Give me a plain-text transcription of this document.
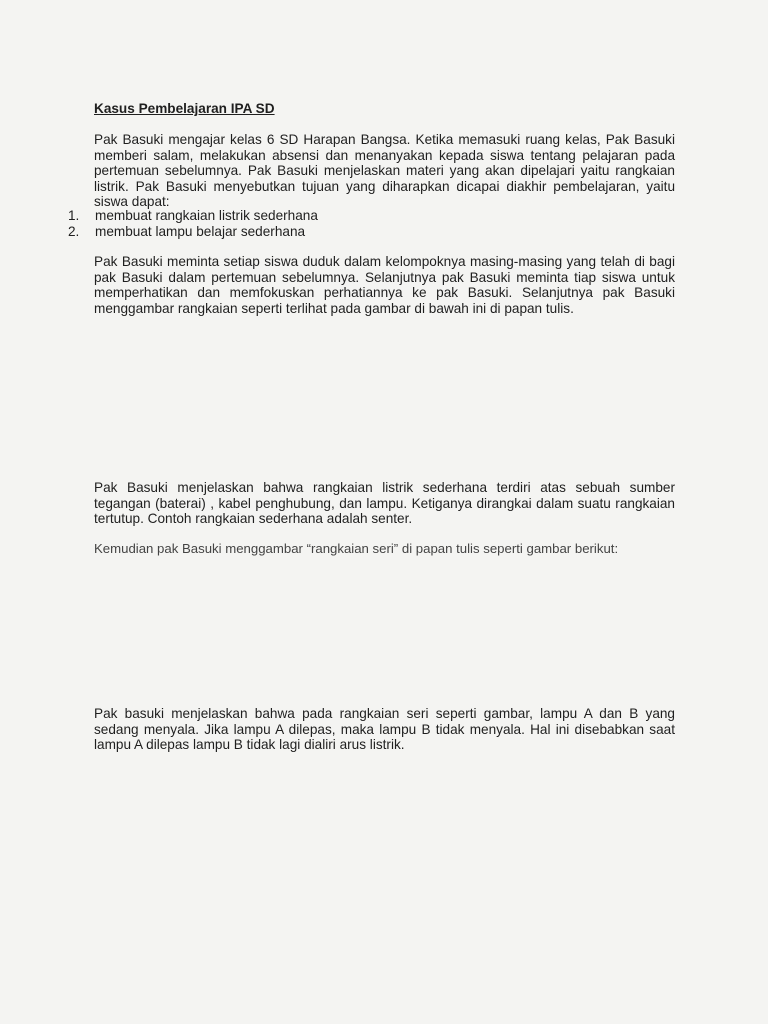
Kasus Pembelajaran IPA SD

Pak Basuki mengajar kelas 6 SD Harapan Bangsa. Ketika memasuki ruang kelas, Pak Basuki memberi salam, melakukan absensi dan menanyakan kepada siswa tentang pelajaran pada pertemuan sebelumnya. Pak Basuki menjelaskan materi yang akan dipelajari yaitu rangkaian listrik. Pak Basuki menyebutkan tujuan yang diharapkan dicapai diakhir pembelajaran, yaitu siswa dapat:

1.	membuat rangkaian listrik sederhana
2.	membuat lampu belajar sederhana

Pak Basuki meminta setiap siswa duduk dalam kelompoknya masing-masing yang telah di bagi pak Basuki dalam pertemuan sebelumnya. Selanjutnya pak Basuki meminta tiap siswa untuk memperhatikan dan memfokuskan perhatiannya ke pak Basuki. Selanjutnya pak Basuki menggambar rangkaian seperti terlihat pada gambar di bawah ini di papan tulis.

Pak Basuki menjelaskan bahwa rangkaian listrik sederhana terdiri atas sebuah sumber tegangan (baterai) , kabel penghubung, dan lampu. Ketiganya dirangkai dalam suatu rangkaian tertutup. Contoh rangkaian sederhana adalah senter.

Kemudian pak Basuki menggambar “rangkaian seri” di papan tulis seperti gambar berikut:

Pak basuki menjelaskan bahwa pada rangkaian seri seperti gambar, lampu A dan B yang sedang menyala. Jika lampu A dilepas, maka lampu B tidak menyala. Hal ini disebabkan saat lampu A dilepas lampu B tidak lagi dialiri arus listrik.
